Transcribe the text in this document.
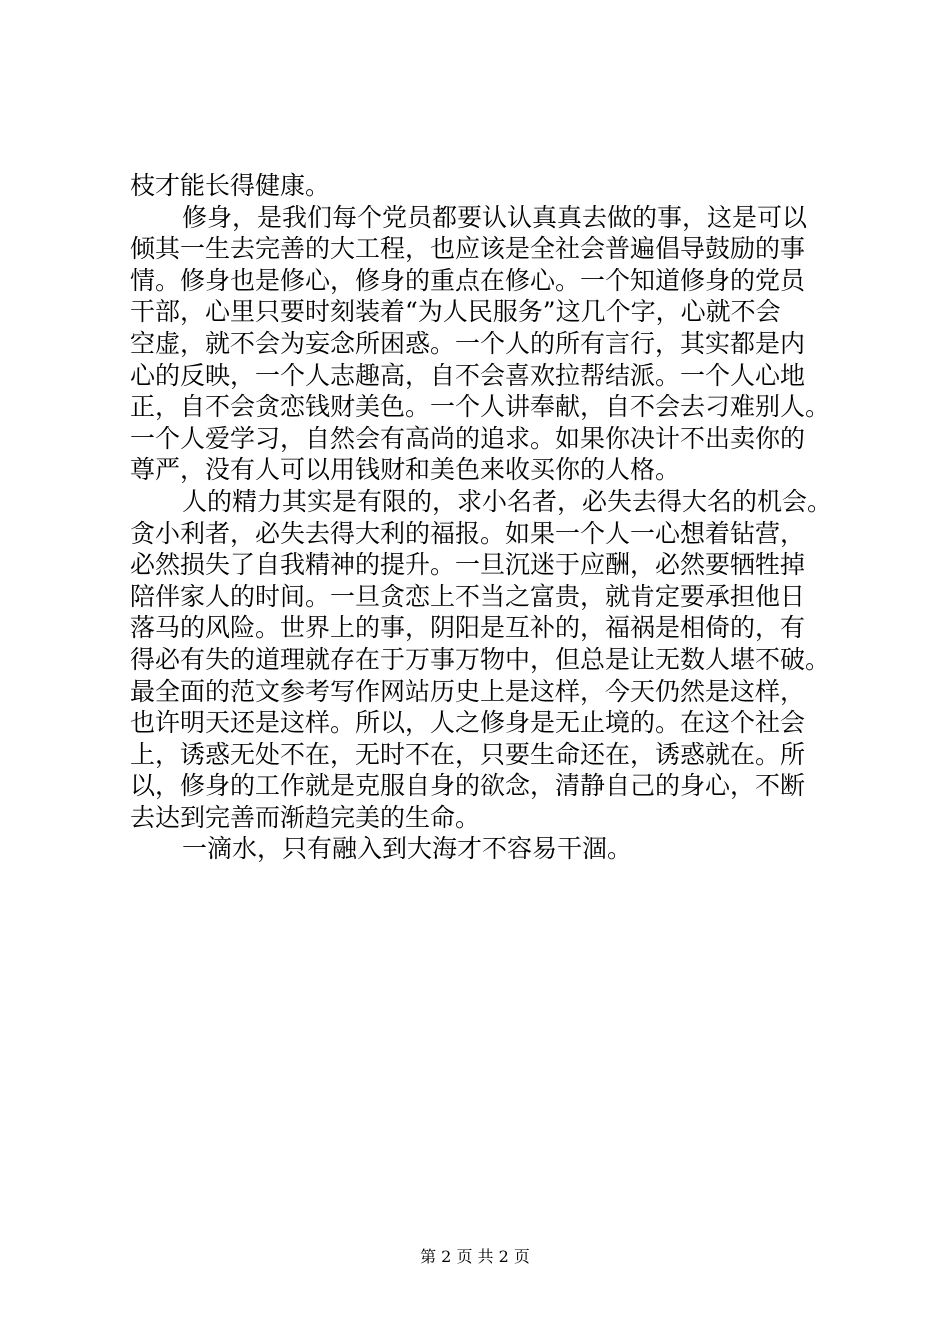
枝才能长得健康。
修身，是我们每个党员都要认认真真去做的事，这是可以
倾其一生去完善的大工程，也应该是全社会普遍倡导鼓励的事
情。修身也是修心，修身的重点在修心。一个知道修身的党员
干部，心里只要时刻装着“为人民服务”这几个字，心就不会
空虚，就不会为妄念所困惑。一个人的所有言行，其实都是内
心的反映，一个人志趣高，自不会喜欢拉帮结派。一个人心地
正，自不会贪恋钱财美色。一个人讲奉献，自不会去刁难别人。
一个人爱学习，自然会有高尚的追求。如果你决计不出卖你的
尊严，没有人可以用钱财和美色来收买你的人格。
人的精力其实是有限的，求小名者，必失去得大名的机会。
贪小利者，必失去得大利的福报。如果一个人一心想着钻营，
必然损失了自我精神的提升。一旦沉迷于应酬，必然要牺牲掉
陪伴家人的时间。一旦贪恋上不当之富贵，就肯定要承担他日
落马的风险。世界上的事，阴阳是互补的，福祸是相倚的，有
得必有失的道理就存在于万事万物中，但总是让无数人堪不破。
最全面的范文参考写作网站历史上是这样，今天仍然是这样，
也许明天还是这样。所以，人之修身是无止境的。在这个社会
上，诱惑无处不在，无时不在，只要生命还在，诱惑就在。所
以，修身的工作就是克服自身的欲念，清静自己的身心，不断
去达到完善而渐趋完美的生命。
一滴水，只有融入到大海才不容易干涸。
第 2 页 共 2 页
